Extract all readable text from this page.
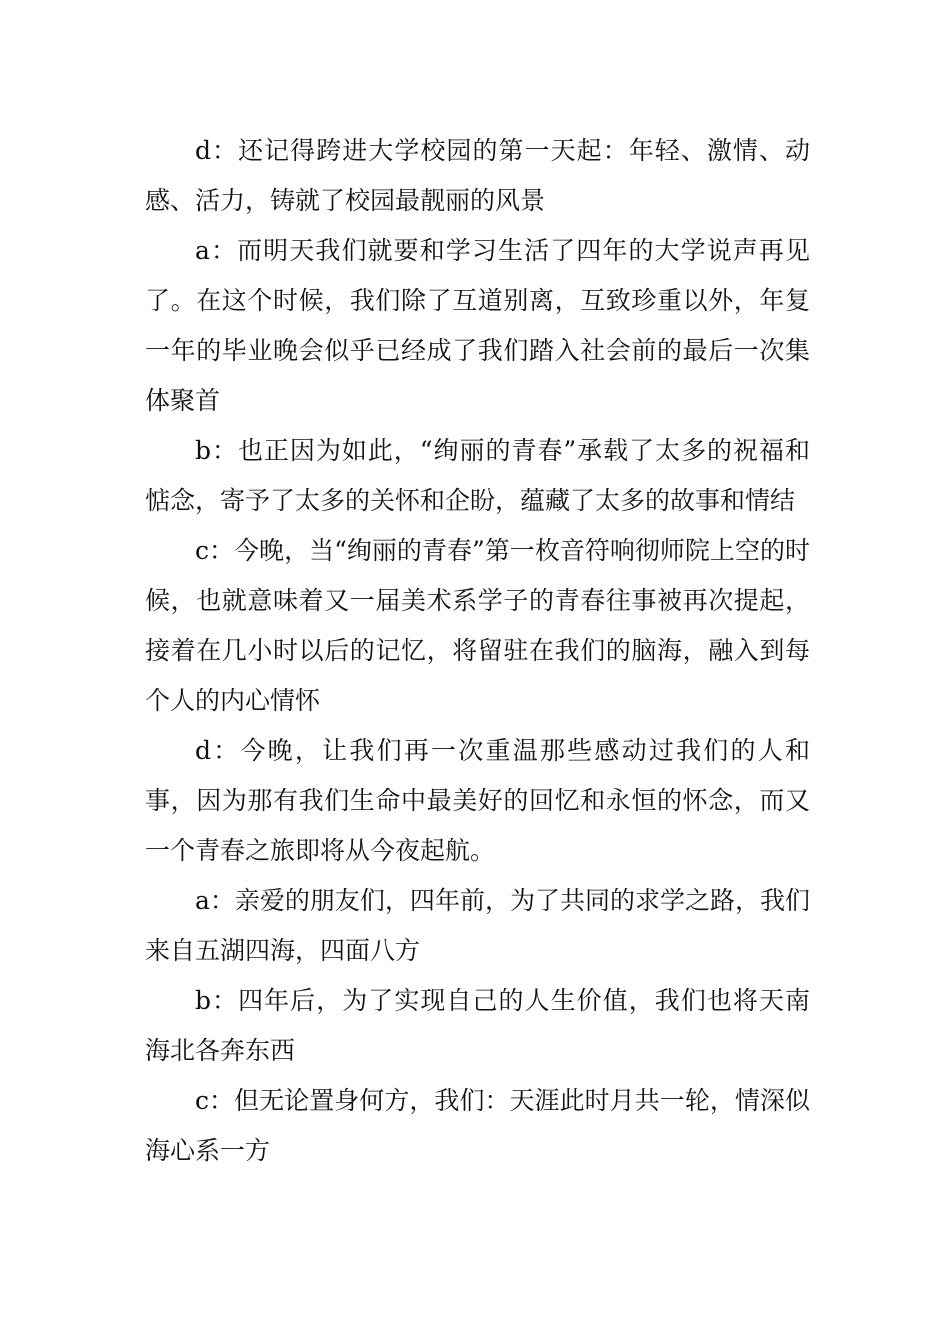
d：还记得跨进大学校园的第一天起：年轻、激情、动感、活力，铸就了校园最靓丽的风景

a：而明天我们就要和学习生活了四年的大学说声再见了。在这个时候，我们除了互道别离，互致珍重以外，年复一年的毕业晚会似乎已经成了我们踏入社会前的最后一次集体聚首

b：也正因为如此，“绚丽的青春”承载了太多的祝福和惦念，寄予了太多的关怀和企盼，蕴藏了太多的故事和情结

c：今晚，当“绚丽的青春”第一枚音符响彻师院上空的时候，也就意味着又一届美术系学子的青春往事被再次提起，接着在几小时以后的记忆，将留驻在我们的脑海，融入到每个人的内心情怀

d：今晚，让我们再一次重温那些感动过我们的人和事，因为那有我们生命中最美好的回忆和永恒的怀念，而又一个青春之旅即将从今夜起航。

a：亲爱的朋友们，四年前，为了共同的求学之路，我们来自五湖四海，四面八方

b：四年后，为了实现自己的人生价值，我们也将天南海北各奔东西

c：但无论置身何方，我们：天涯此时月共一轮，情深似海心系一方
